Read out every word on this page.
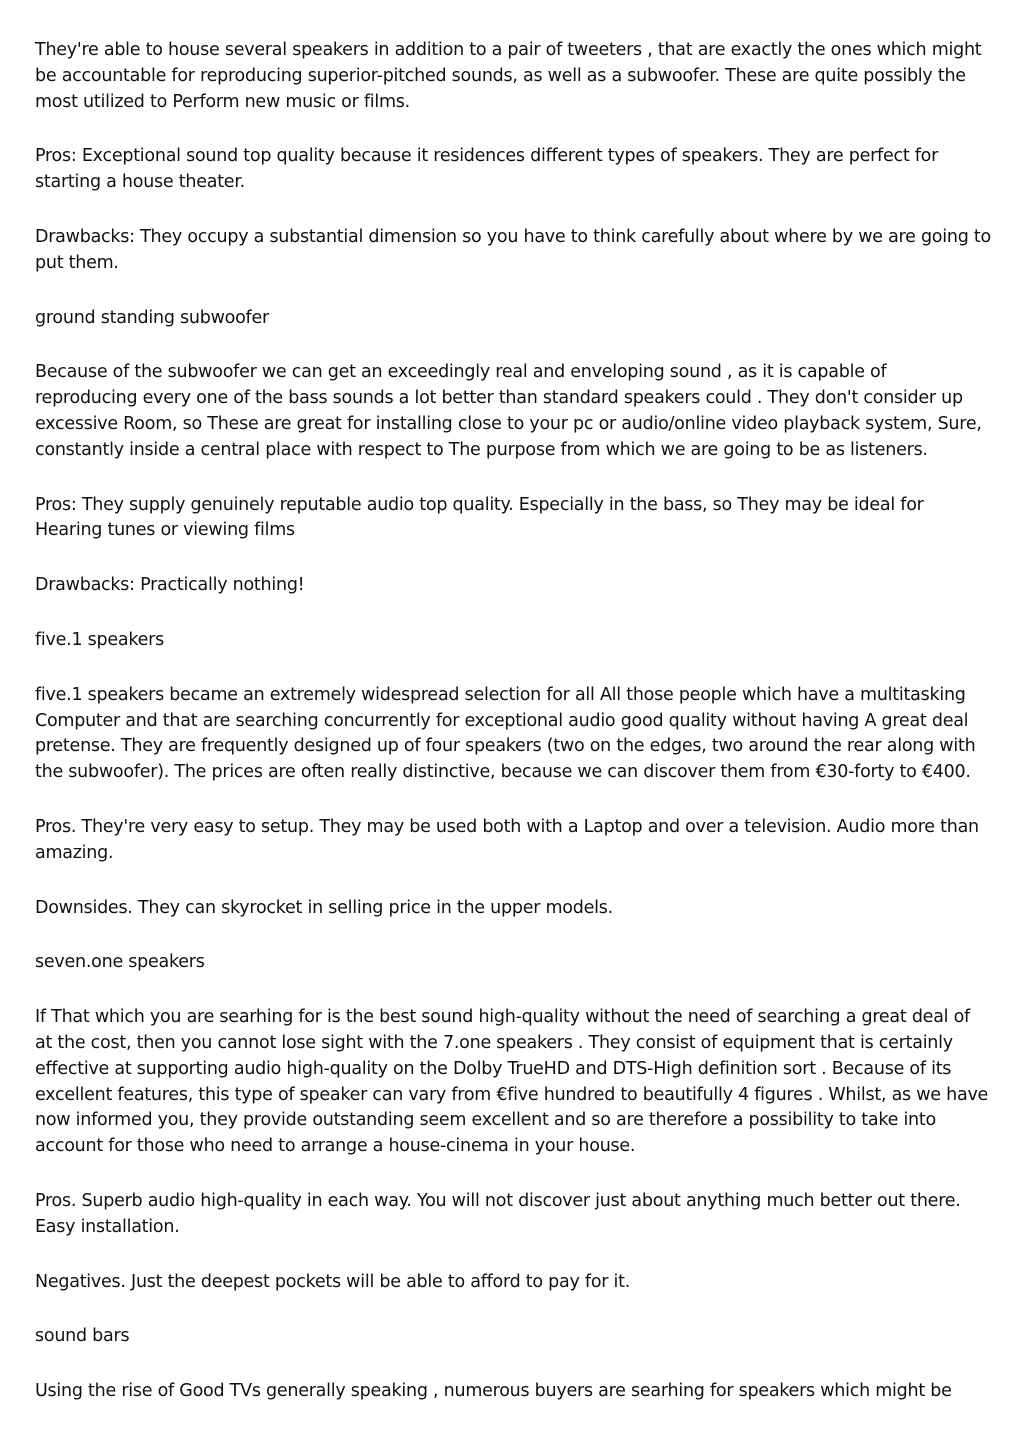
They're able to house several speakers in addition to a pair of tweeters , that are exactly the ones which might be accountable for reproducing superior-pitched sounds, as well as a subwoofer. These are quite possibly the most utilized to Perform new music or films.

Pros: Exceptional sound top quality because it residences different types of speakers. They are perfect for starting a house theater.

Drawbacks: They occupy a substantial dimension so you have to think carefully about where by we are going to put them.

ground standing subwoofer

Because of the subwoofer we can get an exceedingly real and enveloping sound , as it is capable of reproducing every one of the bass sounds a lot better than standard speakers could . They don't consider up excessive Room, so These are great for installing close to your pc or audio/online video playback system, Sure, constantly inside a central place with respect to The purpose from which we are going to be as listeners.

Pros: They supply genuinely reputable audio top quality. Especially in the bass, so They may be ideal for Hearing tunes or viewing films

Drawbacks: Practically nothing!

five.1 speakers

five.1 speakers became an extremely widespread selection for all All those people which have a multitasking Computer and that are searching concurrently for exceptional audio good quality without having A great deal pretense. They are frequently designed up of four speakers (two on the edges, two around the rear along with the subwoofer). The prices are often really distinctive, because we can discover them from €30-forty to €400.

Pros. They're very easy to setup. They may be used both with a Laptop and over a television. Audio more than amazing.

Downsides. They can skyrocket in selling price in the upper models.

seven.one speakers

If That which you are searhing for is the best sound high-quality without the need of searching a great deal of at the cost, then you cannot lose sight with the 7.one speakers . They consist of equipment that is certainly effective at supporting audio high-quality on the Dolby TrueHD and DTS-High definition sort . Because of its excellent features, this type of speaker can vary from €five hundred to beautifully 4 figures . Whilst, as we have now informed you, they provide outstanding seem excellent and so are therefore a possibility to take into account for those who need to arrange a house-cinema in your house.

Pros. Superb audio high-quality in each way. You will not discover just about anything much better out there. Easy installation.

Negatives. Just the deepest pockets will be able to afford to pay for it.

sound bars

Using the rise of Good TVs generally speaking , numerous buyers are searhing for speakers which might be
